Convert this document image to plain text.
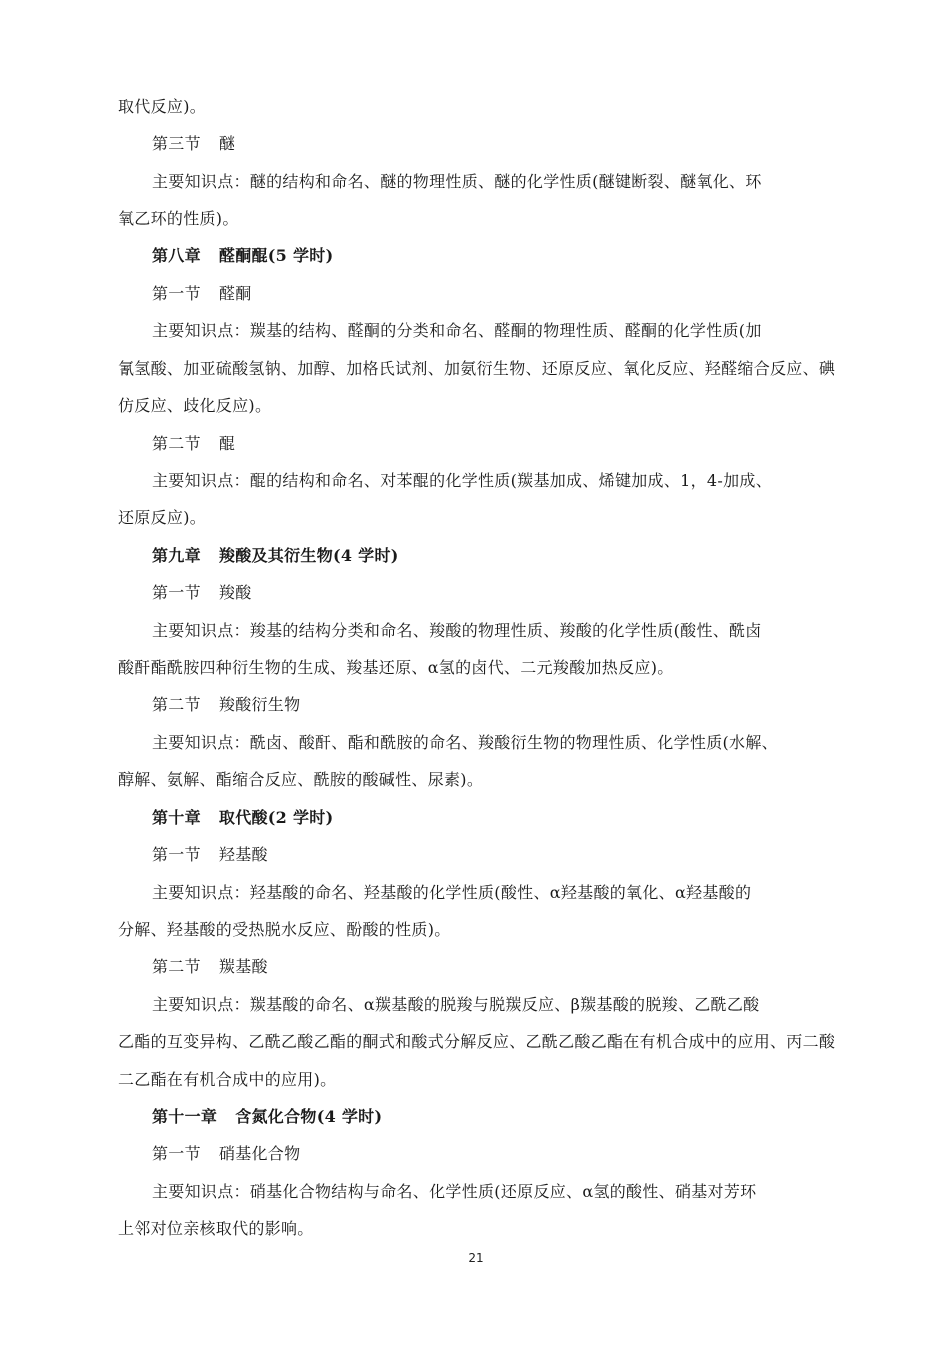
取代反应)。
第三节 醚
主要知识点：醚的结构和命名、醚的物理性质、醚的化学性质(醚键断裂、醚氧化、环
氧乙环的性质)。
第八章 醛酮醌(5 学时)
第一节 醛酮
主要知识点：羰基的结构、醛酮的分类和命名、醛酮的物理性质、醛酮的化学性质(加
氰氢酸、加亚硫酸氢钠、加醇、加格氏试剂、加氨衍生物、还原反应、氧化反应、羟醛缩合反应、碘
仿反应、歧化反应)。
第二节 醌
主要知识点：醌的结构和命名、对苯醌的化学性质(羰基加成、烯键加成、1，4-加成、
还原反应)。
第九章 羧酸及其衍生物(4 学时)
第一节 羧酸
主要知识点：羧基的结构分类和命名、羧酸的物理性质、羧酸的化学性质(酸性、酰卤
酸酐酯酰胺四种衍生物的生成、羧基还原、α氢的卤代、二元羧酸加热反应)。
第二节 羧酸衍生物
主要知识点：酰卤、酸酐、酯和酰胺的命名、羧酸衍生物的物理性质、化学性质(水解、
醇解、氨解、酯缩合反应、酰胺的酸碱性、尿素)。
第十章 取代酸(2 学时)
第一节 羟基酸
主要知识点：羟基酸的命名、羟基酸的化学性质(酸性、α羟基酸的氧化、α羟基酸的
分解、羟基酸的受热脱水反应、酚酸的性质)。
第二节 羰基酸
主要知识点：羰基酸的命名、α羰基酸的脱羧与脱羰反应、β羰基酸的脱羧、乙酰乙酸
乙酯的互变异构、乙酰乙酸乙酯的酮式和酸式分解反应、乙酰乙酸乙酯在有机合成中的应用、丙二酸
二乙酯在有机合成中的应用)。
第十一章 含氮化合物(4 学时)
第一节 硝基化合物
主要知识点：硝基化合物结构与命名、化学性质(还原反应、α氢的酸性、硝基对芳环
上邻对位亲核取代的影响。
21
